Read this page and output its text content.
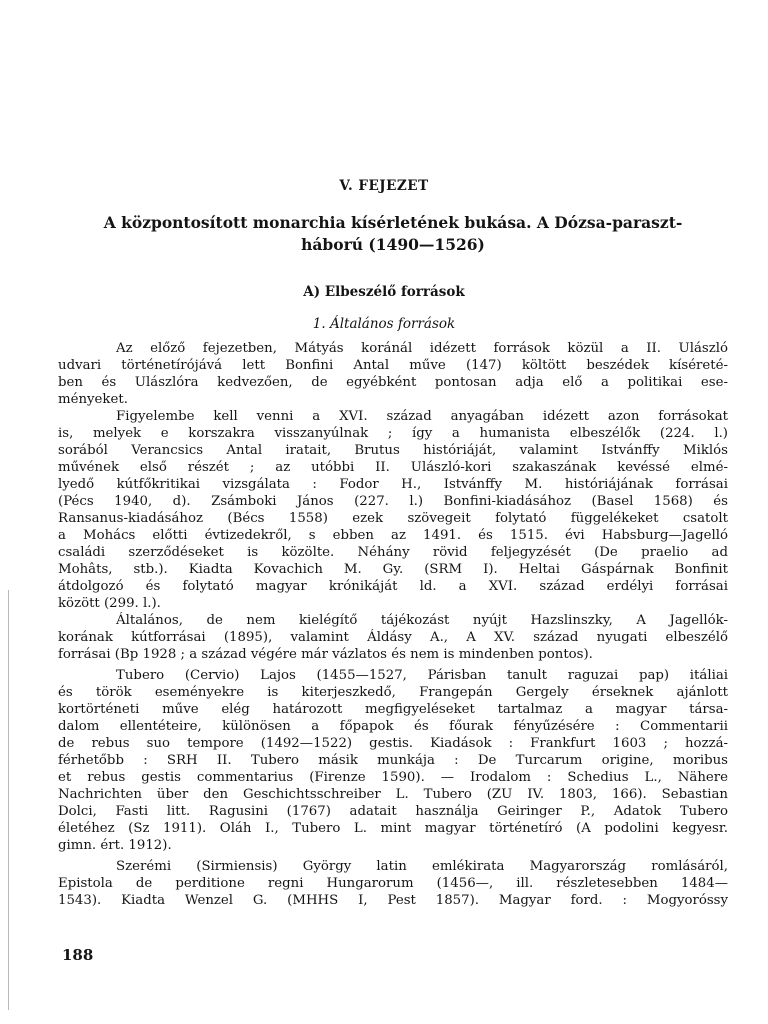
V. FEJEZET
A központosított monarchia kísérletének bukása. A Dózsa-paraszt-
háború (1490—1526)
A) Elbeszélő források
1. Általános források

Az előző fejezetben, Mátyás koránál idézett források közül a II. Ulászló
udvari történetírójává lett Bonfini Antal műve (147) költött beszédek kíséreté-
ben és Ulászlóra kedvezően, de egyébként pontosan adja elő a politikai ese-
ményeket.

Figyelembe kell venni a XVI. század anyagában idézett azon forrásokat
is, melyek e korszakra visszanyúlnak ; így a humanista elbeszélők (224. l.)
sorából Verancsics Antal iratait, Brutus históriáját, valamint Istvánffy Miklós
művének első részét ; az utóbbi II. Ulászló-kori szakaszának kevéssé elmé-
lyedő kútfőkritikai vizsgálata : Fodor H., Istvánffy M. históriájának forrásai
(Pécs 1940, d). Zsámboki János (227. l.) Bonfini-kiadásához (Basel 1568) és
Ransanus-kiadásához (Bécs 1558) ezek szövegeit folytató függelékeket csatolt
a Mohács előtti évtizedekről, s ebben az 1491. és 1515. évi Habsburg—Jagelló
családi szerződéseket is közölte. Néhány rövid feljegyzését (De praelio ad
Mohâts, stb.). Kiadta Kovachich M. Gy. (SRM I). Heltai Gáspárnak Bonfinit
átdolgozó és folytató magyar krónikáját ld. a XVI. század erdélyi forrásai
között (299. l.).

Általános, de nem kielégítő tájékozást nyújt Hazslinszky, A Jagellók-
korának kútforrásai (1895), valamint Áldásy A., A XV. század nyugati elbeszélő
forrásai (Bp 1928 ; a század végére már vázlatos és nem is mindenben pontos).

Tubero (Cervio) Lajos (1455—1527, Párisban tanult raguzai pap) itáliai
és török eseményekre is kiterjeszkedő, Frangepán Gergely érseknek ajánlott
kortörténeti műve elég határozott megfigyeléseket tartalmaz a magyar társa-
dalom ellentéteire, különösen a főpapok és főurak fényűzésére : Commentarii
de rebus suo tempore (1492—1522) gestis. Kiadások : Frankfurt 1603 ; hozzá-
férhetőbb : SRH II. Tubero másik munkája : De Turcarum origine, moribus
et rebus gestis commentarius (Firenze 1590). — Irodalom : Schedius L., Nähere
Nachrichten über den Geschichtsschreiber L. Tubero (ZU IV. 1803, 166). Sebastian
Dolci, Fasti litt. Ragusini (1767) adatait használja Geiringer P., Adatok Tubero
életéhez (Sz 1911). Oláh I., Tubero L. mint magyar történetíró (A podolini kegyesr.
gimn. ért. 1912).

Szerémi (Sirmiensis) György latin emlékirata Magyarország romlásáról,
Epistola de perditione regni Hungarorum (1456—, ill. részletesebben 1484—
1543). Kiadta Wenzel G. (MHHS I, Pest 1857). Magyar ford. : Mogyoróssy

188
